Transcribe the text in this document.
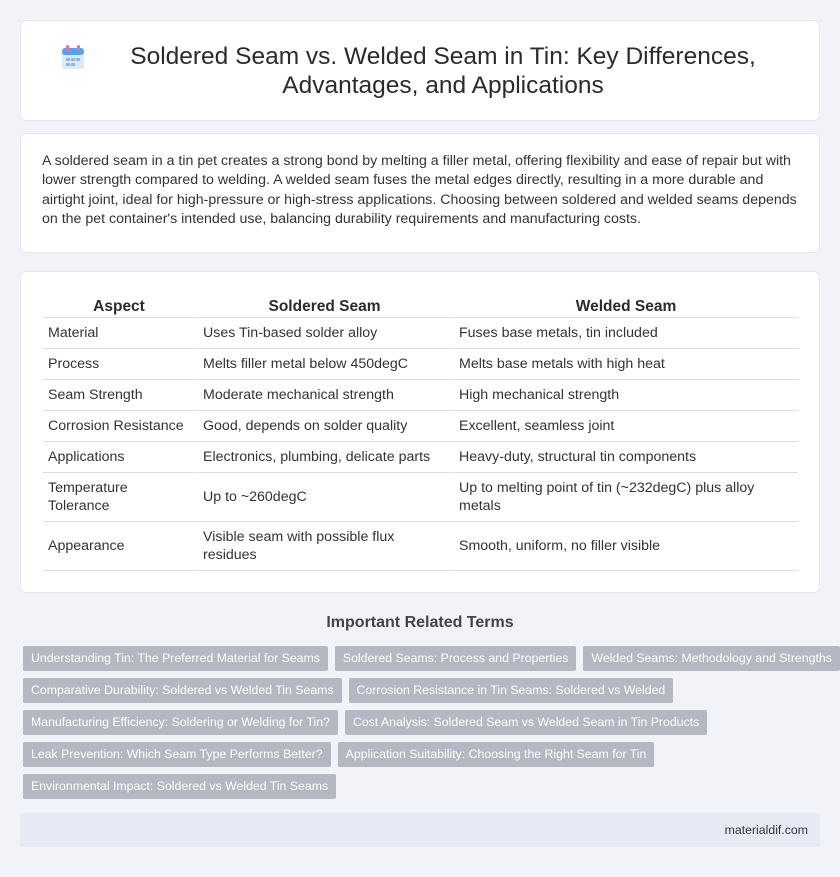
Soldered Seam vs. Welded Seam in Tin: Key Differences, Advantages, and Applications

A soldered seam in a tin pet creates a strong bond by melting a filler metal, offering flexibility and ease of repair but with lower strength compared to welding. A welded seam fuses the metal edges directly, resulting in a more durable and airtight joint, ideal for high-pressure or high-stress applications. Choosing between soldered and welded seams depends on the pet container's intended use, balancing durability requirements and manufacturing costs.

Aspect	Soldered Seam	Welded Seam
Material	Uses Tin-based solder alloy	Fuses base metals, tin included
Process	Melts filler metal below 450degC	Melts base metals with high heat
Seam Strength	Moderate mechanical strength	High mechanical strength
Corrosion Resistance	Good, depends on solder quality	Excellent, seamless joint
Applications	Electronics, plumbing, delicate parts	Heavy-duty, structural tin components
Temperature Tolerance	Up to ~260degC	Up to melting point of tin (~232degC) plus alloy metals
Appearance	Visible seam with possible flux residues	Smooth, uniform, no filler visible
Important Related Terms
Understanding Tin: The Preferred Material for Seams	Soldered Seams: Process and Properties	Welded Seams: Methodology and Strengths
Comparative Durability: Soldered vs Welded Tin Seams	Corrosion Resistance in Tin Seams: Soldered vs Welded
Manufacturing Efficiency: Soldering or Welding for Tin?	Cost Analysis: Soldered Seam vs Welded Seam in Tin Products
Leak Prevention: Which Seam Type Performs Better?	Application Suitability: Choosing the Right Seam for Tin
Environmental Impact: Soldered vs Welded Tin Seams
materialdif.com
